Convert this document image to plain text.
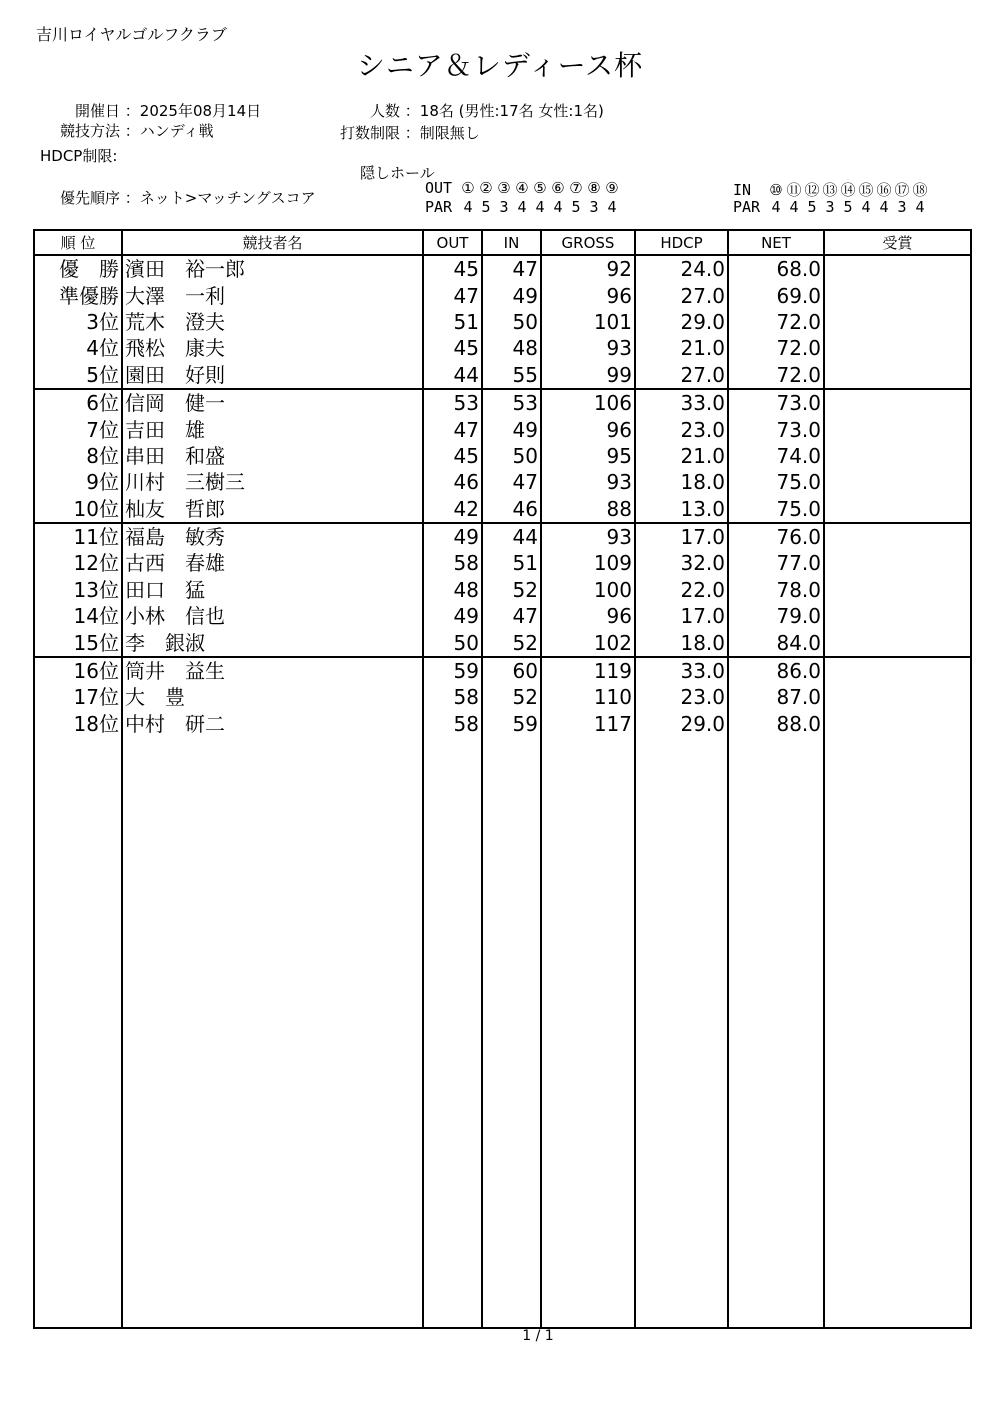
吉川ロイヤルゴルフクラブ
シニア＆レディース杯
開催日 ：2025年08月14日
競技方法 ：ハンディ戦
HDCP制限:
優先順序 ：ネット>マッチングスコア
人数 ：18名 (男性:17名 女性:1名)
打数制限 ：制限無し
隠しホール
OUT ① ② ③ ④ ⑤ ⑥ ⑦ ⑧ ⑨
PAR 4 5 3 4 4 4 5 3 4
IN ⑩ ⑪ ⑫ ⑬ ⑭ ⑮ ⑯ ⑰ ⑱
PAR 4 4 5 3 5 4 4 3 4
順 位	競技者名	OUT	IN	GROSS	HDCP	NET	受賞
優　勝	濱田　裕一郎	45	47	92	24.0	68.0	
準優勝	大澤　一利	47	49	96	27.0	69.0	
3位	荒木　澄夫	51	50	101	29.0	72.0	
4位	飛松　康夫	45	48	93	21.0	72.0	
5位	園田　好則	44	55	99	27.0	72.0	
6位	信岡　健一	53	53	106	33.0	73.0	
7位	吉田　雄	47	49	96	23.0	73.0	
8位	串田　和盛	45	50	95	21.0	74.0	
9位	川村　三樹三	46	47	93	18.0	75.0	
10位	杣友　哲郎	42	46	88	13.0	75.0	
11位	福島　敏秀	49	44	93	17.0	76.0	
12位	古西　春雄	58	51	109	32.0	77.0	
13位	田口　猛	48	52	100	22.0	78.0	
14位	小林　信也	49	47	96	17.0	79.0	
15位	李　銀淑	50	52	102	18.0	84.0	
16位	筒井　益生	59	60	119	33.0	86.0	
17位	大　豊	58	52	110	23.0	87.0	
18位	中村　研二	58	59	117	29.0	88.0	

1 / 1
